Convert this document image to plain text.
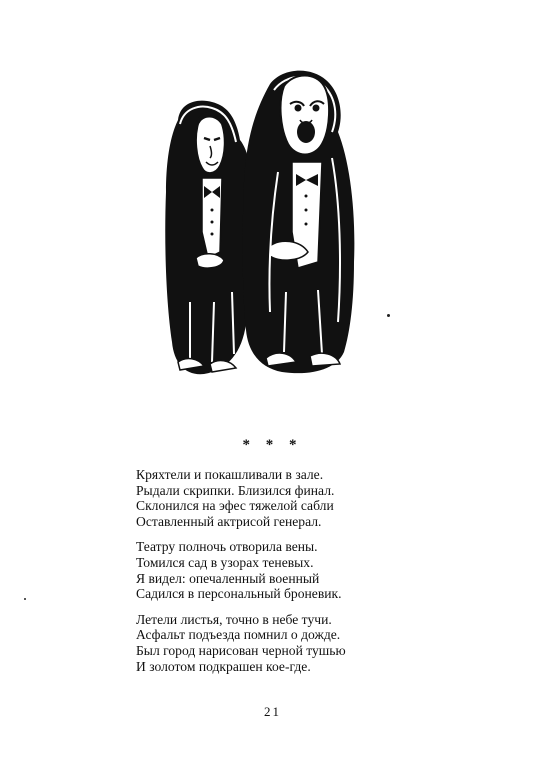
* * *
Кряхтели и покашливали в зале.
Рыдали скрипки. Близился финал.
Склонился на эфес тяжелой сабли
Оставленный актрисой генерал.
Театру полночь отворила вены.
Томился сад в узорах теневых.
Я видел: опечаленный военный
Садился в персональный броневик.
Летели листья, точно в небе тучи.
Асфальт подъезда помнил о дожде.
Был город нарисован черной тушью
И золотом подкрашен кое-где.
21
